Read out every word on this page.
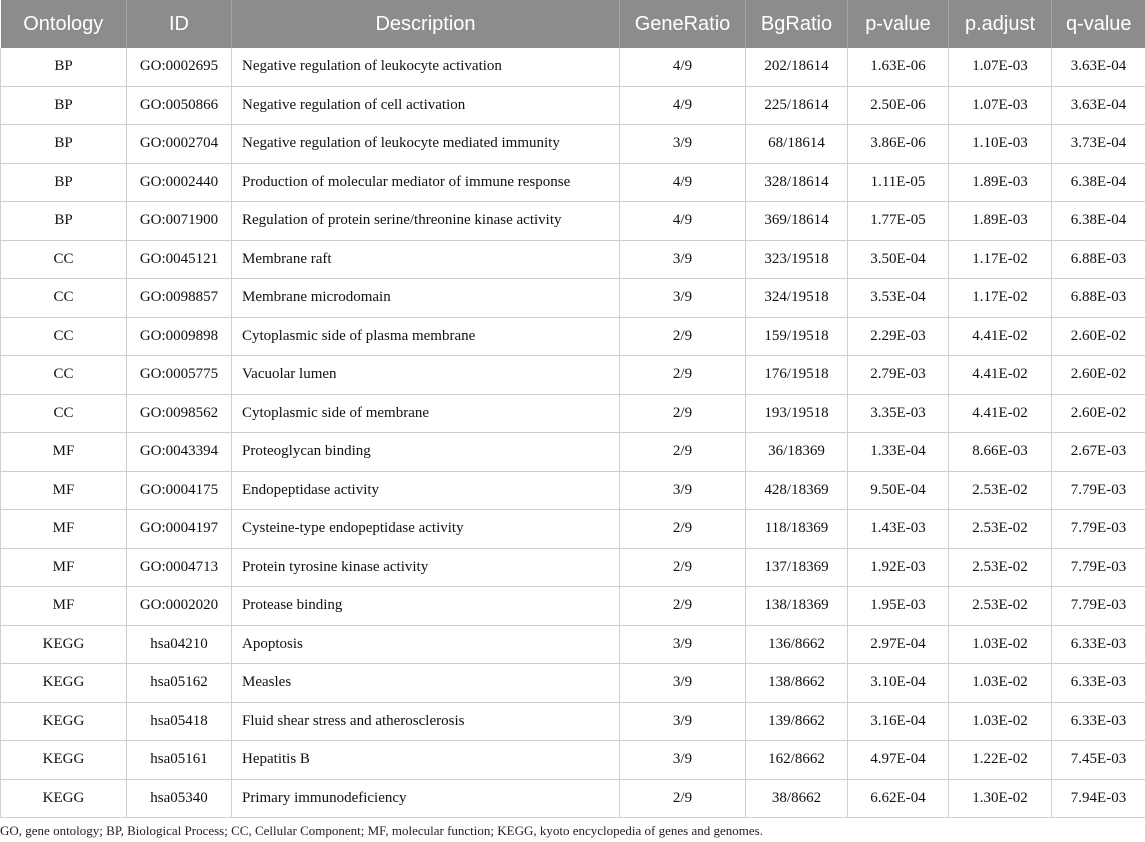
Ontology	ID	Description	GeneRatio	BgRatio	p-value	p.adjust	q-value
BP	GO:0002695	Negative regulation of leukocyte activation	4/9	202/18614	1.63E-06	1.07E-03	3.63E-04
BP	GO:0050866	Negative regulation of cell activation	4/9	225/18614	2.50E-06	1.07E-03	3.63E-04
BP	GO:0002704	Negative regulation of leukocyte mediated immunity	3/9	68/18614	3.86E-06	1.10E-03	3.73E-04
BP	GO:0002440	Production of molecular mediator of immune response	4/9	328/18614	1.11E-05	1.89E-03	6.38E-04
BP	GO:0071900	Regulation of protein serine/threonine kinase activity	4/9	369/18614	1.77E-05	1.89E-03	6.38E-04
CC	GO:0045121	Membrane raft	3/9	323/19518	3.50E-04	1.17E-02	6.88E-03
CC	GO:0098857	Membrane microdomain	3/9	324/19518	3.53E-04	1.17E-02	6.88E-03
CC	GO:0009898	Cytoplasmic side of plasma membrane	2/9	159/19518	2.29E-03	4.41E-02	2.60E-02
CC	GO:0005775	Vacuolar lumen	2/9	176/19518	2.79E-03	4.41E-02	2.60E-02
CC	GO:0098562	Cytoplasmic side of membrane	2/9	193/19518	3.35E-03	4.41E-02	2.60E-02
MF	GO:0043394	Proteoglycan binding	2/9	36/18369	1.33E-04	8.66E-03	2.67E-03
MF	GO:0004175	Endopeptidase activity	3/9	428/18369	9.50E-04	2.53E-02	7.79E-03
MF	GO:0004197	Cysteine-type endopeptidase activity	2/9	118/18369	1.43E-03	2.53E-02	7.79E-03
MF	GO:0004713	Protein tyrosine kinase activity	2/9	137/18369	1.92E-03	2.53E-02	7.79E-03
MF	GO:0002020	Protease binding	2/9	138/18369	1.95E-03	2.53E-02	7.79E-03
KEGG	hsa04210	Apoptosis	3/9	136/8662	2.97E-04	1.03E-02	6.33E-03
KEGG	hsa05162	Measles	3/9	138/8662	3.10E-04	1.03E-02	6.33E-03
KEGG	hsa05418	Fluid shear stress and atherosclerosis	3/9	139/8662	3.16E-04	1.03E-02	6.33E-03
KEGG	hsa05161	Hepatitis B	3/9	162/8662	4.97E-04	1.22E-02	7.45E-03
KEGG	hsa05340	Primary immunodeficiency	2/9	38/8662	6.62E-04	1.30E-02	7.94E-03
GO, gene ontology; BP, Biological Process; CC, Cellular Component; MF, molecular function; KEGG, kyoto encyclopedia of genes and genomes.
